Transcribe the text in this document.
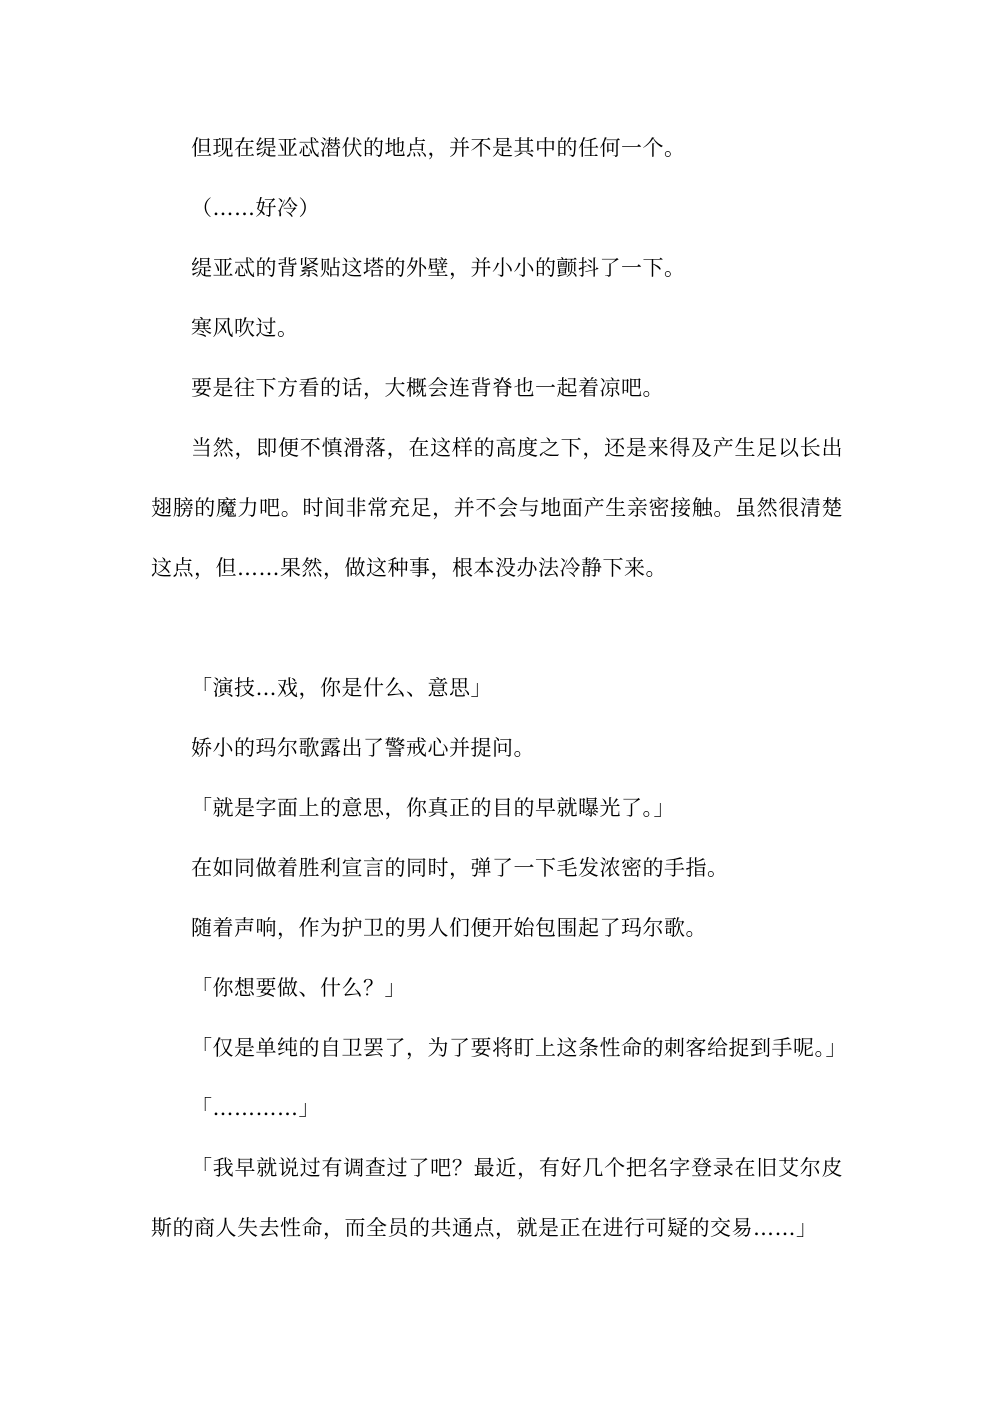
但现在缇亚忒潜伏的地点，并不是其中的任何一个。

（……好冷）

缇亚忒的背紧贴这塔的外壁，并小小的颤抖了一下。

寒风吹过。

要是往下方看的话，大概会连背脊也一起着凉吧。

当然，即便不慎滑落，在这样的高度之下，还是来得及产生足以长出翅膀的魔力吧。时间非常充足，并不会与地面产生亲密接触。虽然很清楚这点，但……果然，做这种事，根本没办法冷静下来。

「演技…戏，你是什么、意思」

娇小的玛尔歌露出了警戒心并提问。

「就是字面上的意思，你真正的目的早就曝光了。」

在如同做着胜利宣言的同时，弹了一下毛发浓密的手指。

随着声响，作为护卫的男人们便开始包围起了玛尔歌。

「你想要做、什么？」

「仅是单纯的自卫罢了，为了要将盯上这条性命的刺客给捉到手呢。」

「…………」

「我早就说过有调查过了吧？最近，有好几个把名字登录在旧艾尔皮斯的商人失去性命，而全员的共通点，就是正在进行可疑的交易……」
